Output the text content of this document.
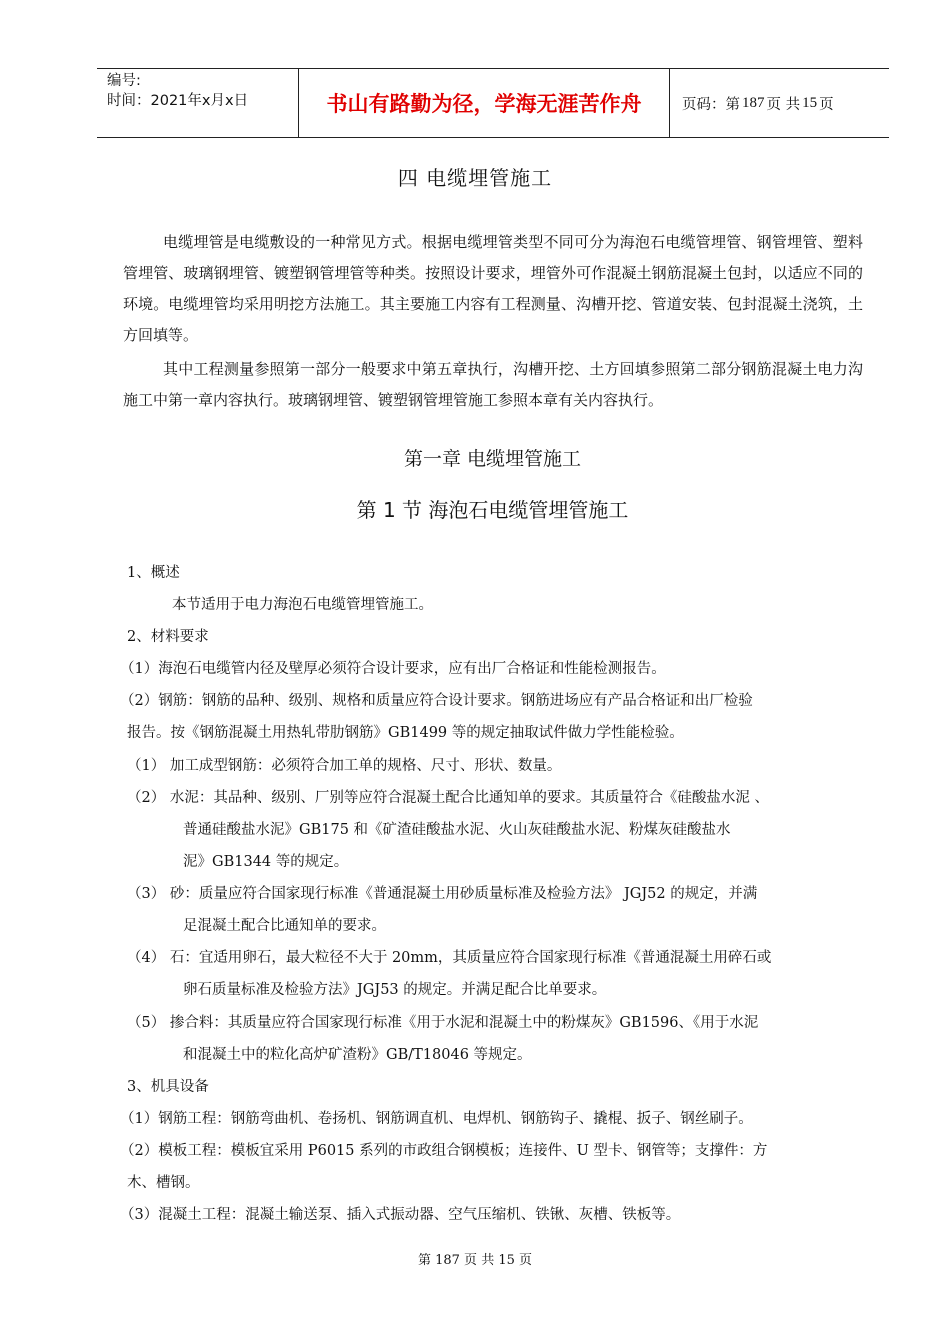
编号:
时间：2021年x月x日	书山有路勤为径，学海无涯苦作舟	页码：第 187 页 共 15 页
四 电缆埋管施工
电缆埋管是电缆敷设的一种常见方式。根据电缆埋管类型不同可分为海泡石电缆管埋管、钢管埋管、塑料管埋管、玻璃钢埋管、镀塑钢管埋管等种类。按照设计要求，埋管外可作混凝土钢筋混凝土包封，以适应不同的环境。电缆埋管均采用明挖方法施工。其主要施工内容有工程测量、沟槽开挖、管道安装、包封混凝土浇筑，土方回填等。
其中工程测量参照第一部分一般要求中第五章执行，沟槽开挖、土方回填参照第二部分钢筋混凝土电力沟施工中第一章内容执行。玻璃钢埋管、镀塑钢管埋管施工参照本章有关内容执行。
第一章 电缆埋管施工
第 1 节 海泡石电缆管埋管施工
1、概述
本节适用于电力海泡石电缆管埋管施工。
2、材料要求
（1）海泡石电缆管内径及壁厚必须符合设计要求，应有出厂合格证和性能检测报告。
（2）钢筋：钢筋的品种、级别、规格和质量应符合设计要求。钢筋进场应有产品合格证和出厂检验
报告。按《钢筋混凝土用热轧带肋钢筋》GB1499 等的规定抽取试件做力学性能检验。
（1） 加工成型钢筋：必须符合加工单的规格、尺寸、形状、数量。
（2） 水泥：其品种、级别、厂别等应符合混凝土配合比通知单的要求。其质量符合《硅酸盐水泥 、
普通硅酸盐水泥》GB175 和《矿渣硅酸盐水泥、火山灰硅酸盐水泥、粉煤灰硅酸盐水
泥》GB1344 等的规定。
（3） 砂：质量应符合国家现行标准《普通混凝土用砂质量标准及检验方法》 JGJ52 的规定，并满
足混凝土配合比通知单的要求。
（4） 石：宜适用卵石，最大粒径不大于 20mm，其质量应符合国家现行标准《普通混凝土用碎石或
卵石质量标准及检验方法》JGJ53 的规定。并满足配合比单要求。
（5） 掺合料：其质量应符合国家现行标准《用于水泥和混凝土中的粉煤灰》GB1596、《用于水泥
和混凝土中的粒化高炉矿渣粉》GB/T18046 等规定。
3、机具设备
（1）钢筋工程：钢筋弯曲机、卷扬机、钢筋调直机、电焊机、钢筋钩子、撬棍、扳子、钢丝刷子。
（2）模板工程：模板宜采用 P6015 系列的市政组合钢模板；连接件、U 型卡、钢管等；支撑件：方
木、槽钢。
（3）混凝土工程：混凝土输送泵、插入式振动器、空气压缩机、铁锹、灰槽、铁板等。
第 187 页 共 15 页
